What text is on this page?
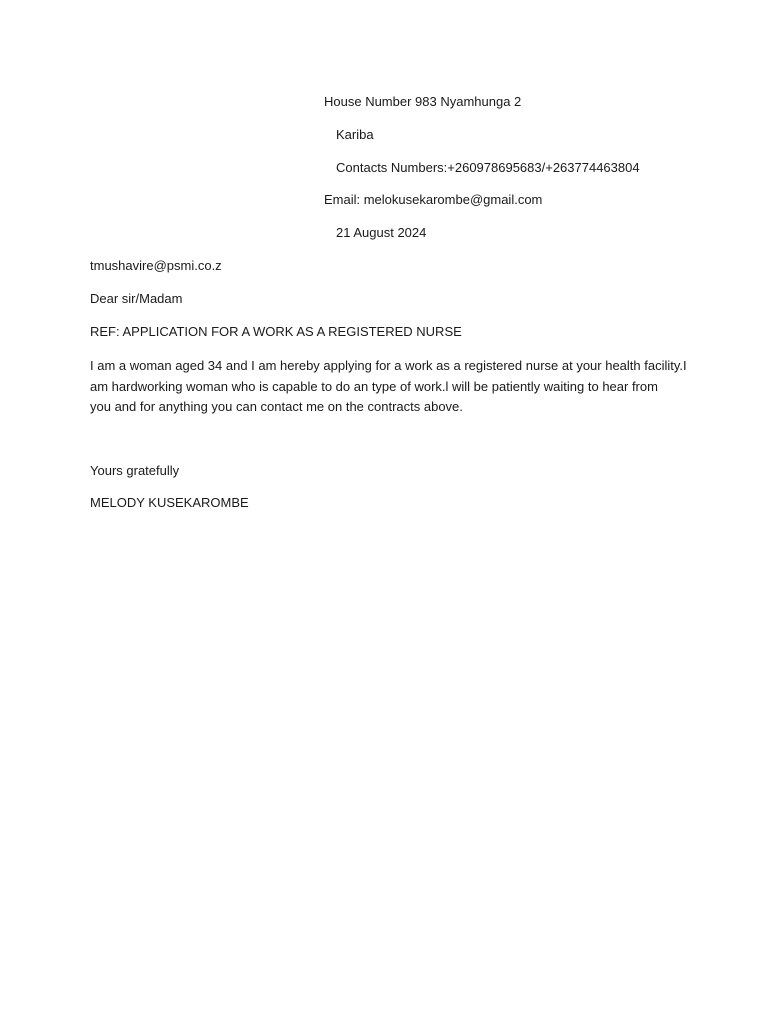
House Number 983 Nyamhunga 2
Kariba
Contacts Numbers:+260978695683/+263774463804
Email: melokusekarombe@gmail.com
21 August 2024
tmushavire@psmi.co.z
Dear sir/Madam
REF: APPLICATION FOR A WORK AS A REGISTERED NURSE
I am a woman aged 34 and I am hereby applying for a work as a registered nurse at your health facility.I
am hardworking woman who is capable to do an type of work.l will be patiently waiting to hear from
you and for anything you can contact me on the contracts above.
Yours gratefully
MELODY KUSEKAROMBE
